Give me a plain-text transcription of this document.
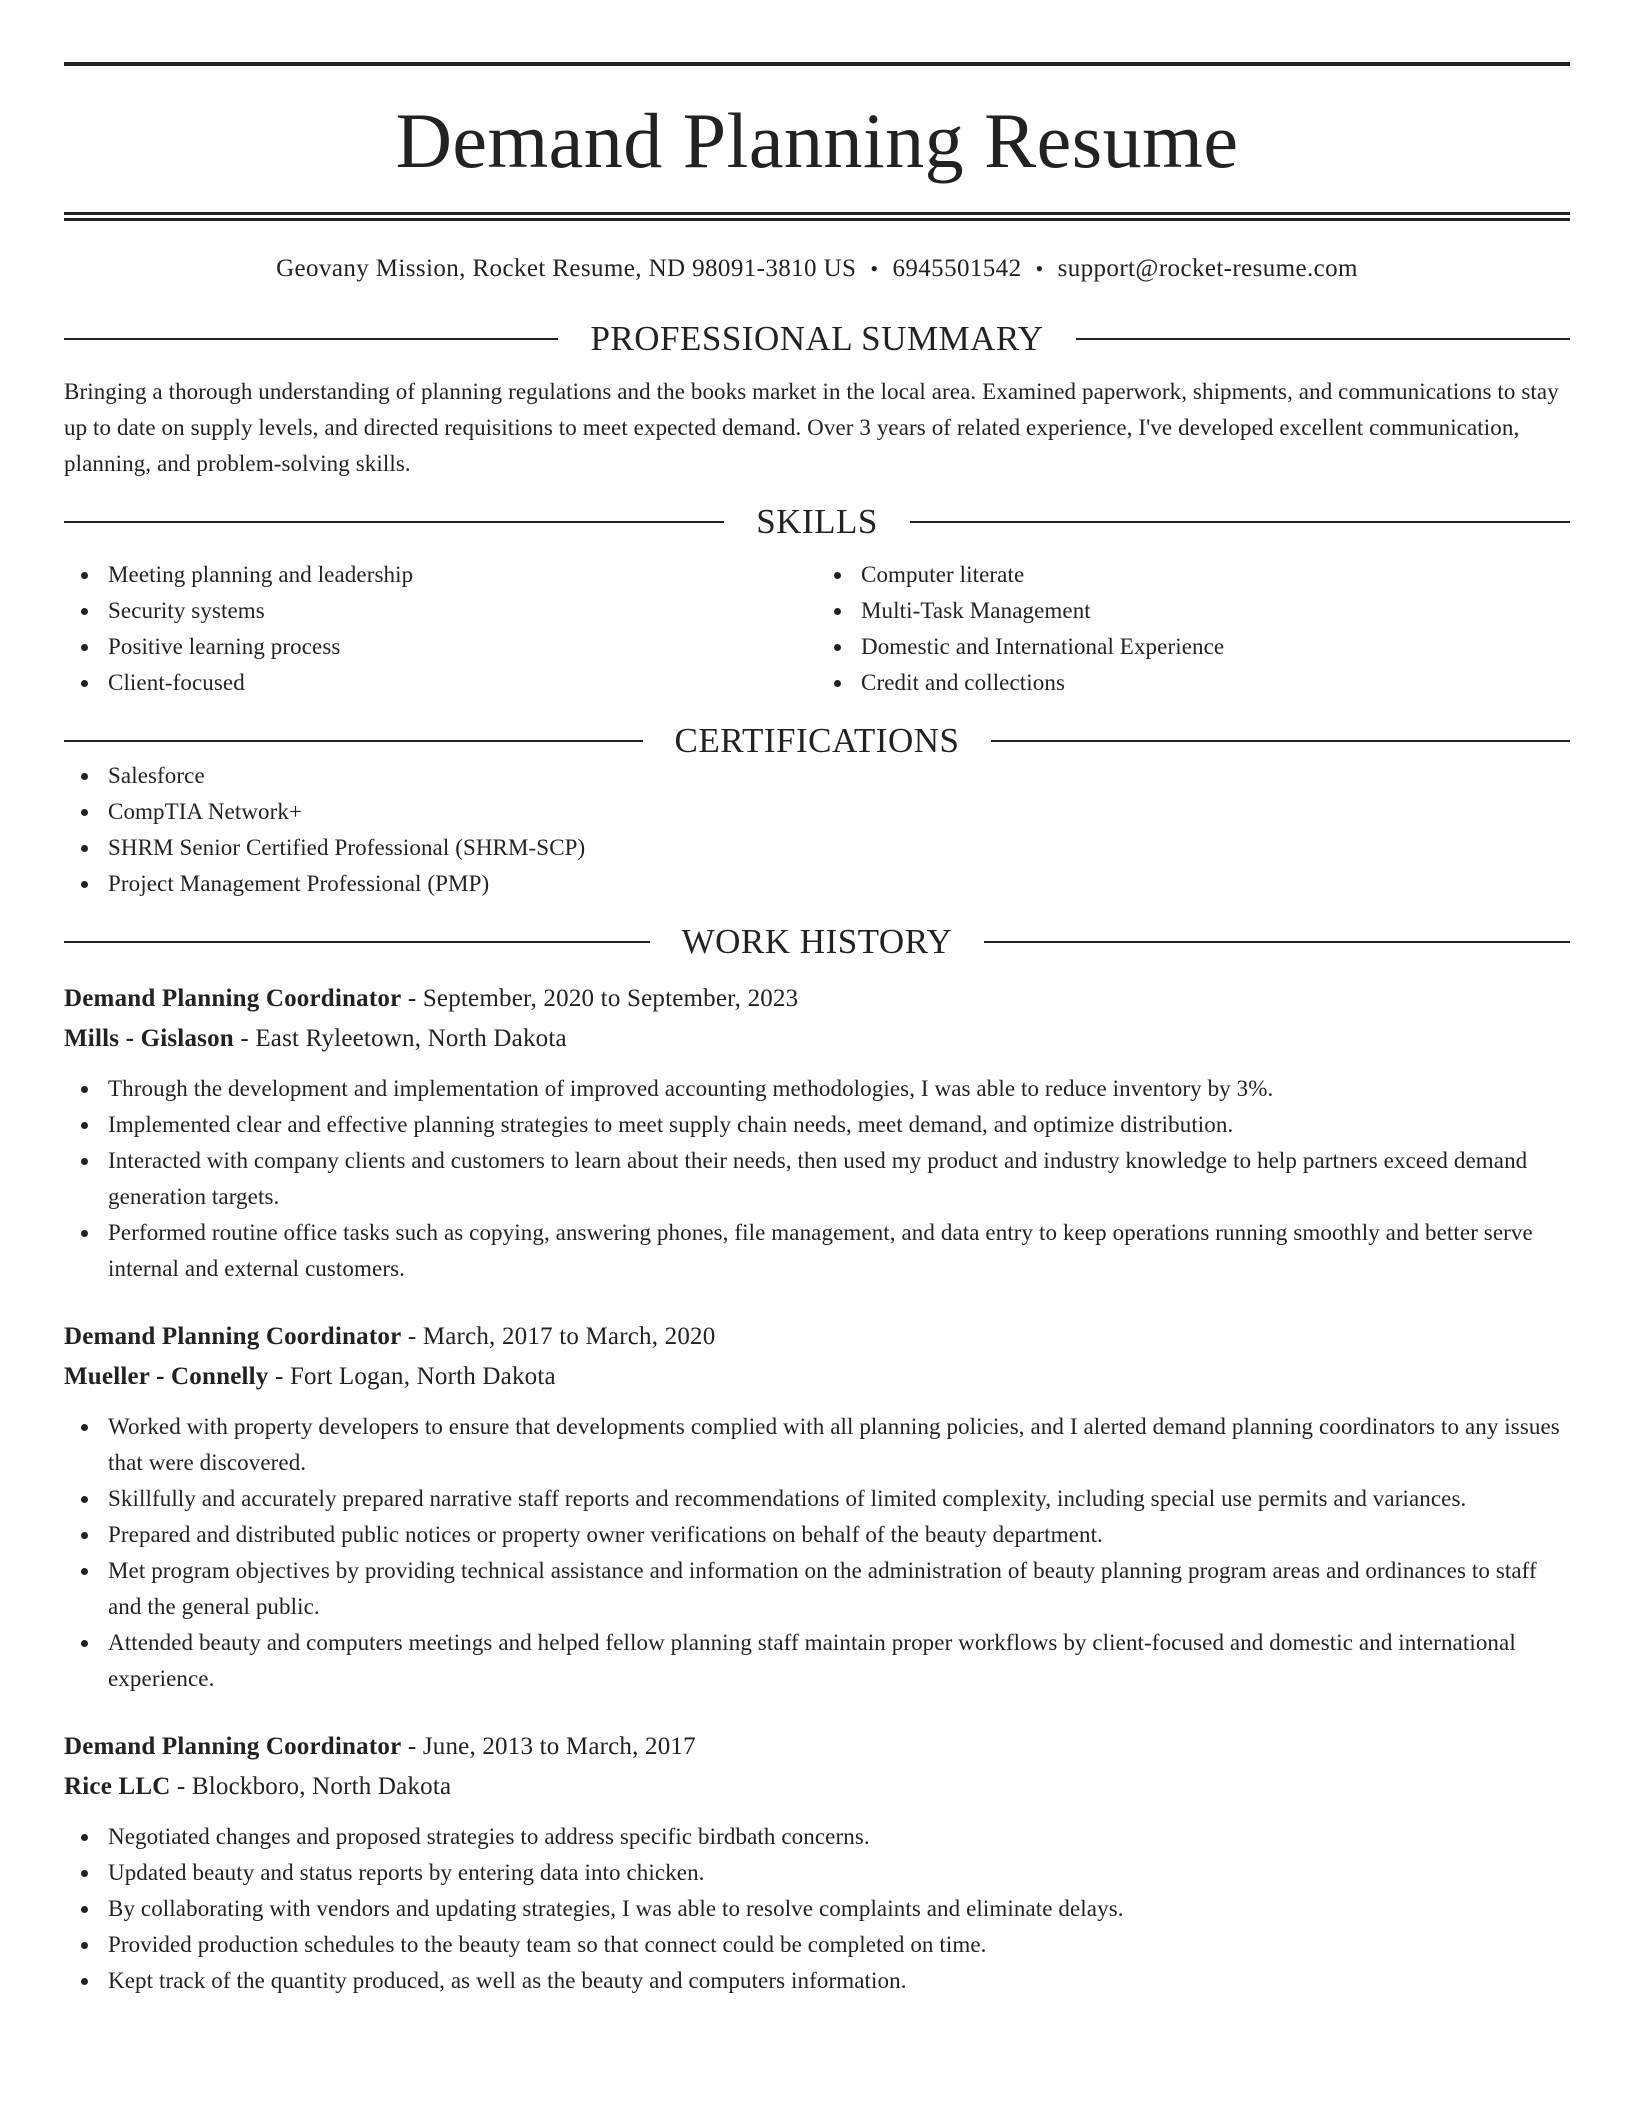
Demand Planning Resume
Geovany Mission, Rocket Resume, ND 98091-3810 US • 6945501542 • support@rocket-resume.com
PROFESSIONAL SUMMARY

Bringing a thorough understanding of planning regulations and the books market in the local area. Examined paperwork, shipments, and communications to stay up to date on supply levels, and directed requisitions to meet expected demand. Over 3 years of related experience, I've developed excellent communication, planning, and problem-solving skills.

SKILLS
Meeting planning and leadership
Security systems
Positive learning process
Client-focused
Computer literate
Multi-Task Management
Domestic and International Experience
Credit and collections
CERTIFICATIONS
Salesforce
CompTIA Network+
SHRM Senior Certified Professional (SHRM-SCP)
Project Management Professional (PMP)
WORK HISTORY
Demand Planning Coordinator - September, 2020 to September, 2023
Mills - Gislason - East Ryleetown, North Dakota
Through the development and implementation of improved accounting methodologies, I was able to reduce inventory by 3%.
Implemented clear and effective planning strategies to meet supply chain needs, meet demand, and optimize distribution.
Interacted with company clients and customers to learn about their needs, then used my product and industry knowledge to help partners exceed demand generation targets.
Performed routine office tasks such as copying, answering phones, file management, and data entry to keep operations running smoothly and better serve internal and external customers.
Demand Planning Coordinator - March, 2017 to March, 2020
Mueller - Connelly - Fort Logan, North Dakota
Worked with property developers to ensure that developments complied with all planning policies, and I alerted demand planning coordinators to any issues that were discovered.
Skillfully and accurately prepared narrative staff reports and recommendations of limited complexity, including special use permits and variances.
Prepared and distributed public notices or property owner verifications on behalf of the beauty department.
Met program objectives by providing technical assistance and information on the administration of beauty planning program areas and ordinances to staff and the general public.
Attended beauty and computers meetings and helped fellow planning staff maintain proper workflows by client-focused and domestic and international experience.
Demand Planning Coordinator - June, 2013 to March, 2017
Rice LLC - Blockboro, North Dakota
Negotiated changes and proposed strategies to address specific birdbath concerns.
Updated beauty and status reports by entering data into chicken.
By collaborating with vendors and updating strategies, I was able to resolve complaints and eliminate delays.
Provided production schedules to the beauty team so that connect could be completed on time.
Kept track of the quantity produced, as well as the beauty and computers information.
